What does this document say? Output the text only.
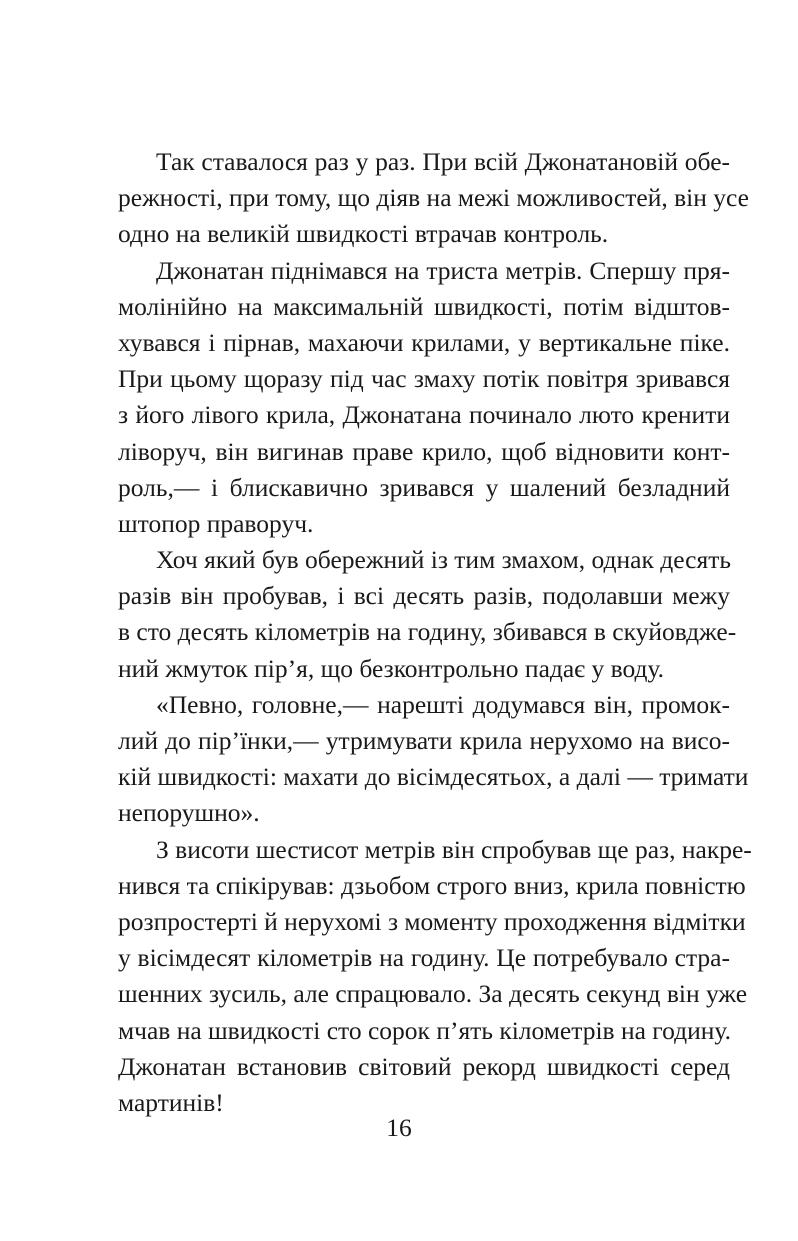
Так ставалося раз у раз. При всій Джонатановій обе-
режності, при тому, що діяв на межі можливостей, він усе
одно на великій швидкості втрачав контроль.
Джонатан піднімався на триста метрів. Спершу пря-
молінійно на максимальній швидкості, потім відштов-
хувався і пірнав, махаючи крилами, у вертикальне піке.
При цьому щоразу під час змаху потік повітря зривався
з його лівого крила, Джонатана починало люто кренити
ліворуч, він вигинав праве крило, щоб відновити конт-
роль,— і блискавично зривався у шалений безладний
штопор праворуч.
Хоч який був обережний із тим змахом, однак десять
разів він пробував, і всі десять разів, подолавши межу
в сто десять кілометрів на годину, збивався в скуйовдже-
ний жмуток пір’я, що безконтрольно падає у воду.
«Певно, головне,— нарешті додумався він, промок-
лий до пір’їнки,— утримувати крила нерухомо на висо-
кій швидкості: махати до вісімдесятьох, а далі — тримати
непорушно».
З висоти шестисот метрів він спробував ще раз, накре-
нився та спікірував: дзьобом строго вниз, крила повністю
розпростерті й нерухомі з моменту проходження відмітки
у вісімдесят кілометрів на годину. Це потребувало стра-
шенних зусиль, але спрацювало. За десять секунд він уже
мчав на швидкості сто сорок п’ять кілометрів на годину.
Джонатан встановив світовий рекорд швидкості серед
мартинів!
16
